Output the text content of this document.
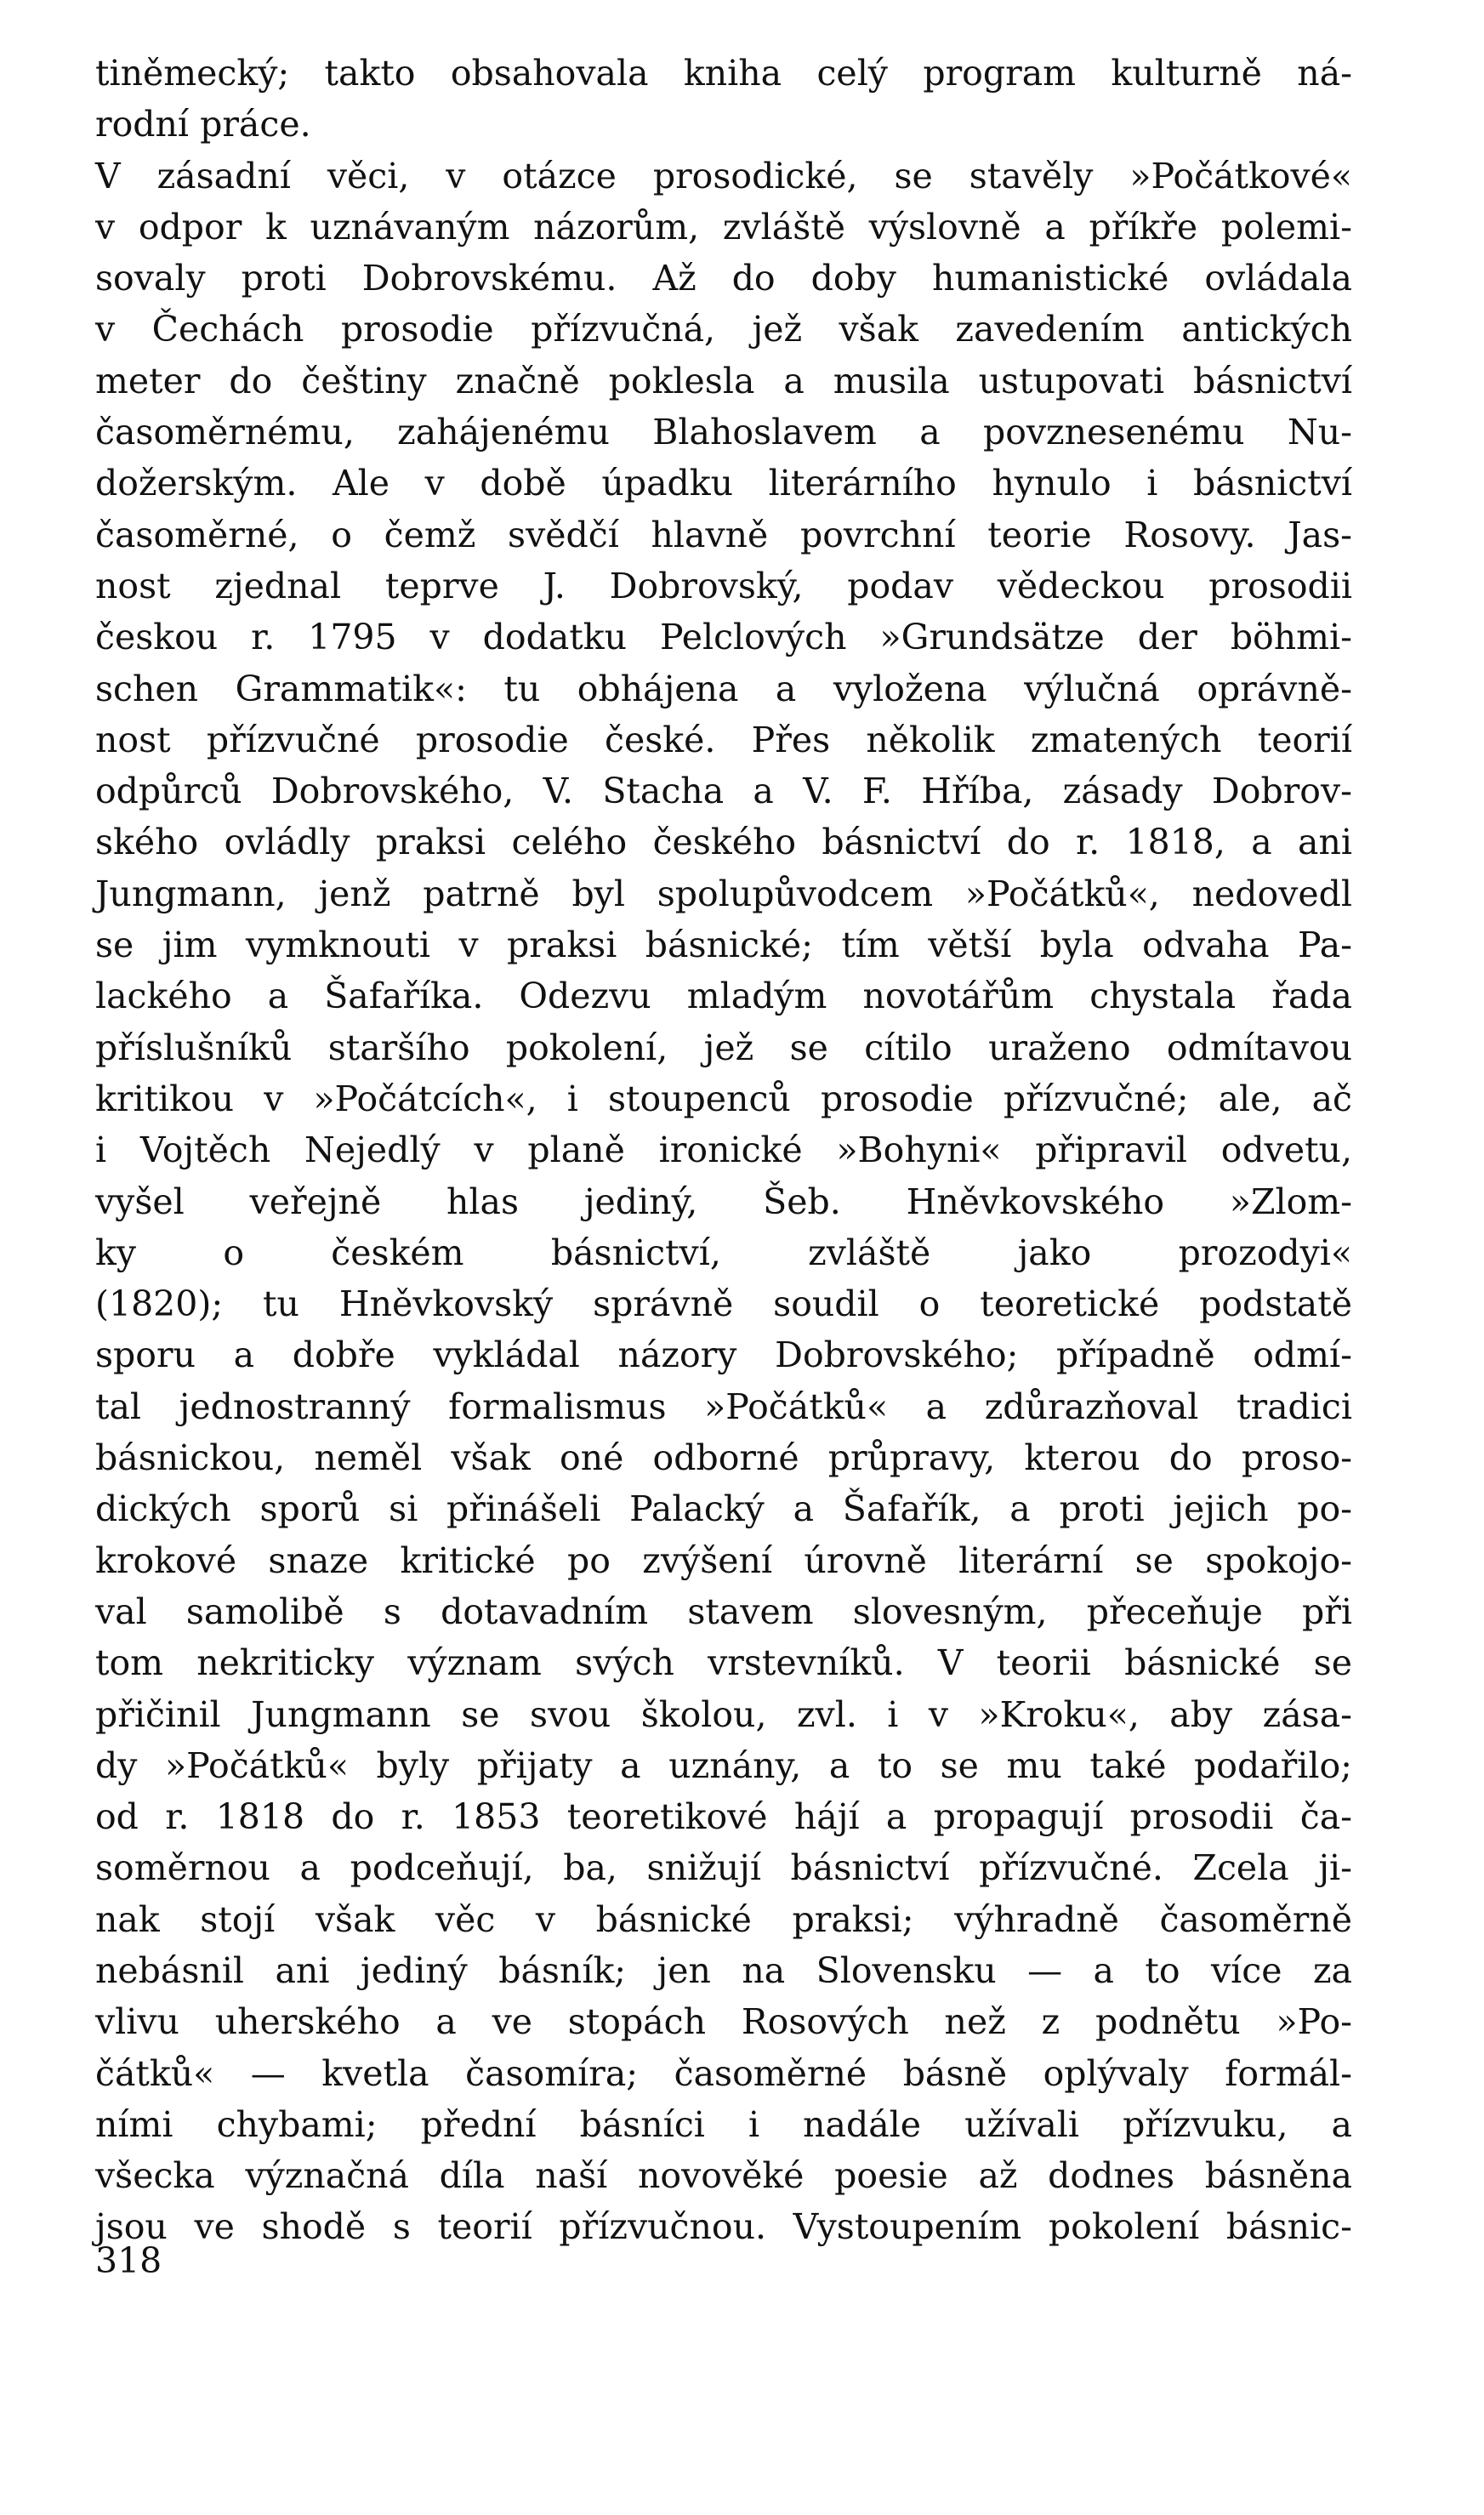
tiněmecký; takto obsahovala kniha celý program kulturně ná-
rodní práce.
V zásadní věci, v otázce prosodické, se stavěly »Počátkové«
v odpor k uznávaným názorům, zvláště výslovně a příkře polemi-
sovaly proti Dobrovskému. Až do doby humanistické ovládala
v Čechách prosodie přízvučná, jež však zavedením antických
meter do češtiny značně poklesla a musila ustupovati básnictví
časoměrnému, zahájenému Blahoslavem a povznesenému Nu-
dožerským. Ale v době úpadku literárního hynulo i básnictví
časoměrné, o čemž svědčí hlavně povrchní teorie Rosovy. Jas-
nost zjednal teprve J. Dobrovský, podav vědeckou prosodii
českou r. 1795 v dodatku Pelclových »Grundsätze der böhmi-
schen Grammatik«: tu obhájena a vyložena výlučná oprávně-
nost přízvučné prosodie české. Přes několik zmatených teorií
odpůrců Dobrovského, V. Stacha a V. F. Hříba, zásady Dobrov-
ského ovládly praksi celého českého básnictví do r. 1818, a ani
Jungmann, jenž patrně byl spolupůvodcem »Počátků«, nedovedl
se jim vymknouti v praksi básnické; tím větší byla odvaha Pa-
lackého a Šafaříka. Odezvu mladým novotářům chystala řada
příslušníků staršího pokolení, jež se cítilo uraženo odmítavou
kritikou v »Počátcích«, i stoupenců prosodie přízvučné; ale, ač
i Vojtěch Nejedlý v planě ironické »Bohyni« připravil odvetu,
vyšel veřejně hlas jediný, Šeb. Hněvkovského »Zlom-
ky o českém básnictví, zvláště jako prozodyi«
(1820); tu Hněvkovský správně soudil o teoretické podstatě
sporu a dobře vykládal názory Dobrovského; případně odmí-
tal jednostranný formalismus »Počátků« a zdůrazňoval tradici
básnickou, neměl však oné odborné průpravy, kterou do proso-
dických sporů si přinášeli Palacký a Šafařík, a proti jejich po-
krokové snaze kritické po zvýšení úrovně literární se spokojo-
val samolibě s dotavadním stavem slovesným, přeceňuje při
tom nekriticky význam svých vrstevníků. V teorii básnické se
přičinil Jungmann se svou školou, zvl. i v »Kroku«, aby zása-
dy »Počátků« byly přijaty a uznány, a to se mu také podařilo;
od r. 1818 do r. 1853 teoretikové hájí a propagují prosodii ča-
soměrnou a podceňují, ba, snižují básnictví přízvučné. Zcela ji-
nak stojí však věc v básnické praksi; výhradně časoměrně
nebásnil ani jediný básník; jen na Slovensku — a to více za
vlivu uherského a ve stopách Rosových než z podnětu »Po-
čátků« — kvetla časomíra; časoměrné básně oplývaly formál-
ními chybami; přední básníci i nadále užívali přízvuku, a
všecka význačná díla naší novověké poesie až dodnes básněna
jsou ve shodě s teorií přízvučnou. Vystoupením pokolení básnic-
318
